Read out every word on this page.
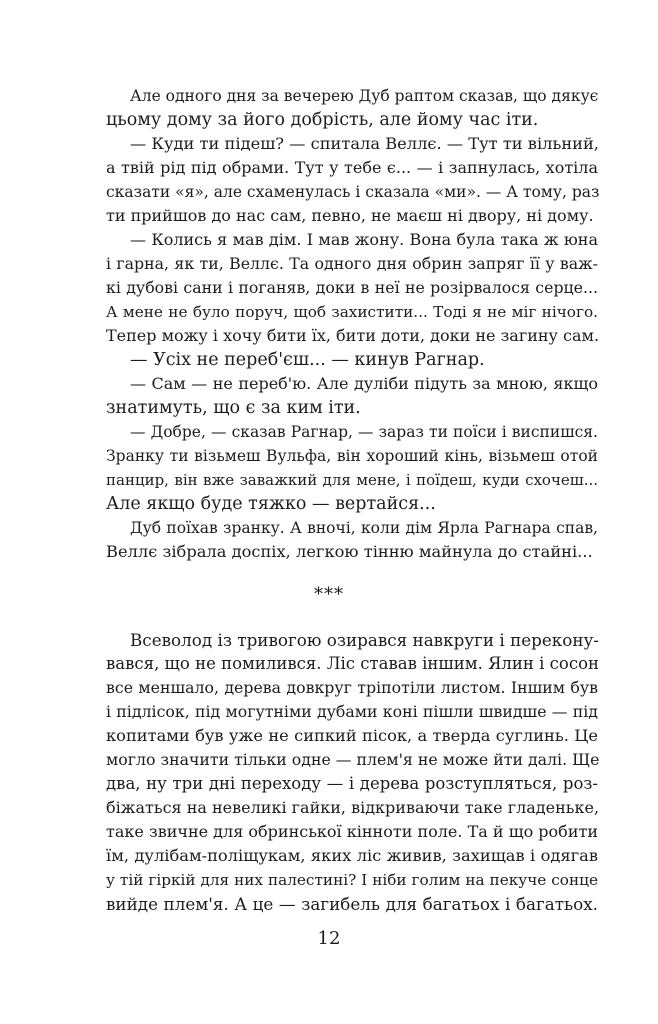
Але одного дня за вечерею Дуб раптом сказав, що дякує
цьому дому за його добрість, але йому час іти.
— Куди ти підеш? — спитала Веллє. — Тут ти вільний,
а твій рід під обрами. Тут у тебе є... — і запнулась, хотіла
сказати «я», але схаменулась і сказала «ми». — А тому, раз
ти прийшов до нас сам, певно, не маєш ні двору, ні дому.
— Колись я мав дім. І мав жону. Вона була така ж юна
і гарна, як ти, Веллє. Та одного дня обрин запряг її у важ-
кі дубові сани і поганяв, доки в неї не розірвалося серце...
А мене не було поруч, щоб захистити... Тоді я не міг нічого.
Тепер можу і хочу бити їх, бити доти, доки не загину сам.
— Усіх не переб'єш... — кинув Рагнар.
— Сам — не переб'ю. Але дуліби підуть за мною, якщо
знатимуть, що є за ким іти.
— Добре, — сказав Рагнар, — зараз ти поїси і виспишся.
Зранку ти візьмеш Вульфа, він хороший кінь, візьмеш отой
панцир, він вже заважкий для мене, і поїдеш, куди схочеш...
Але якщо буде тяжко — вертайся...
Дуб поїхав зранку. А вночі, коли дім Ярла Рагнара спав,
Веллє зібрала доспіх, легкою тінню майнула до стайні...
***
Всеволод із тривогою озирався навкруги і перекону-
вався, що не помилився. Ліс ставав іншим. Ялин і сосон
все меншало, дерева довкруг тріпотіли листом. Іншим був
і підлісок, під могутніми дубами коні пішли швидше — під
копитами був уже не сипкий пісок, а тверда суглинь. Це
могло значити тільки одне — плем'я не може йти далі. Ще
два, ну три дні переходу — і дерева розступляться, роз-
біжаться на невеликі гайки, відкриваючи таке гладеньке,
таке звичне для обринської кінноти поле. Та й що робити
їм, дулібам-поліщукам, яких ліс живив, захищав і одягав
у тій гіркій для них палестині? І ніби голим на пекуче сонце
вийде плем'я. А це — загибель для багатьох і багатьох.
12
